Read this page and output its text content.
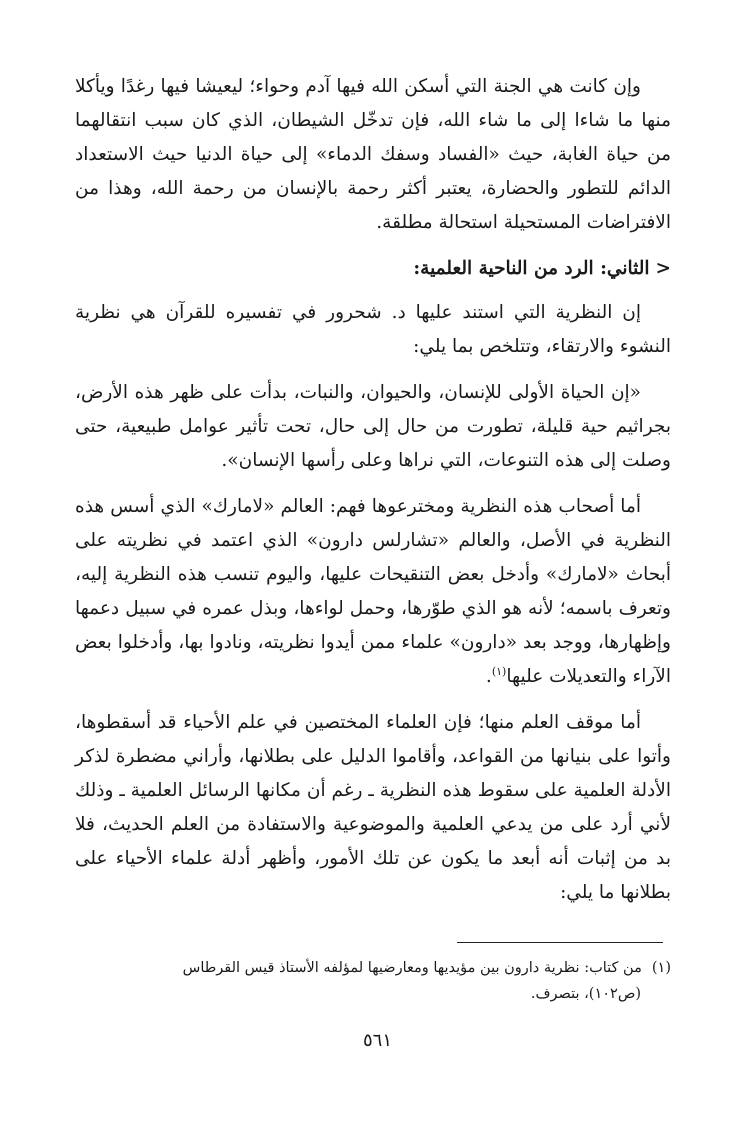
وإن كانت هي الجنة التي أسكن الله فيها آدم وحواء؛ ليعيشا فيها رغدًا ويأكلا منها ما شاءا إلى ما شاء الله، فإن تدخّل الشيطان، الذي كان سبب انتقالهما من حياة الغابة، حيث «الفساد وسفك الدماء» إلى حياة الدنيا حيث الاستعداد الدائم للتطور والحضارة، يعتبر أكثر رحمة بالإنسان من رحمة الله، وهذا من الافتراضات المستحيلة استحالة مطلقة.

<الثاني: الرد من الناحية العلمية:

إن النظرية التي استند عليها د. شحرور في تفسيره للقرآن هي نظرية النشوء والارتقاء، وتتلخص بما يلي:

«إن الحياة الأولى للإنسان، والحيوان، والنبات، بدأت على ظهر هذه الأرض، بجراثيم حية قليلة، تطورت من حال إلى حال، تحت تأثير عوامل طبيعية، حتى وصلت إلى هذه التنوعات، التي نراها وعلى رأسها الإنسان».

أما أصحاب هذه النظرية ومخترعوها فهم: العالم «لامارك» الذي أسس هذه النظرية في الأصل، والعالم «تشارلس دارون» الذي اعتمد في نظريته على أبحاث «لامارك» وأدخل بعض التنقيحات عليها، واليوم تنسب هذه النظرية إليه، وتعرف باسمه؛ لأنه هو الذي طوّرها، وحمل لواءها، وبذل عمره في سبيل دعمها وإظهارها، ووجد بعد «دارون» علماء ممن أيدوا نظريته، ونادوا بها، وأدخلوا بعض الآراء والتعديلات عليها$^{(١)}$.

أما موقف العلم منها؛ فإن العلماء المختصين في علم الأحياء قد أسقطوها، وأتوا على بنيانها من القواعد، وأقاموا الدليل على بطلانها، وأراني مضطرة لذكر الأدلة العلمية على سقوط هذه النظرية ـ رغم أن مكانها الرسائل العلمية ـ وذلك لأني أرد على من يدعي العلمية والموضوعية والاستفادة من العلم الحديث، فلا بد من إثبات أنه أبعد ما يكون عن تلك الأمور، وأظهر أدلة علماء الأحياء على بطلانها ما يلي:

(١)من كتاب: نظرية دارون بين مؤيديها ومعارضيها لمؤلفه الأستاذ قيس القرطاس
(ص١٠٢)، بتصرف.
٥٦١
